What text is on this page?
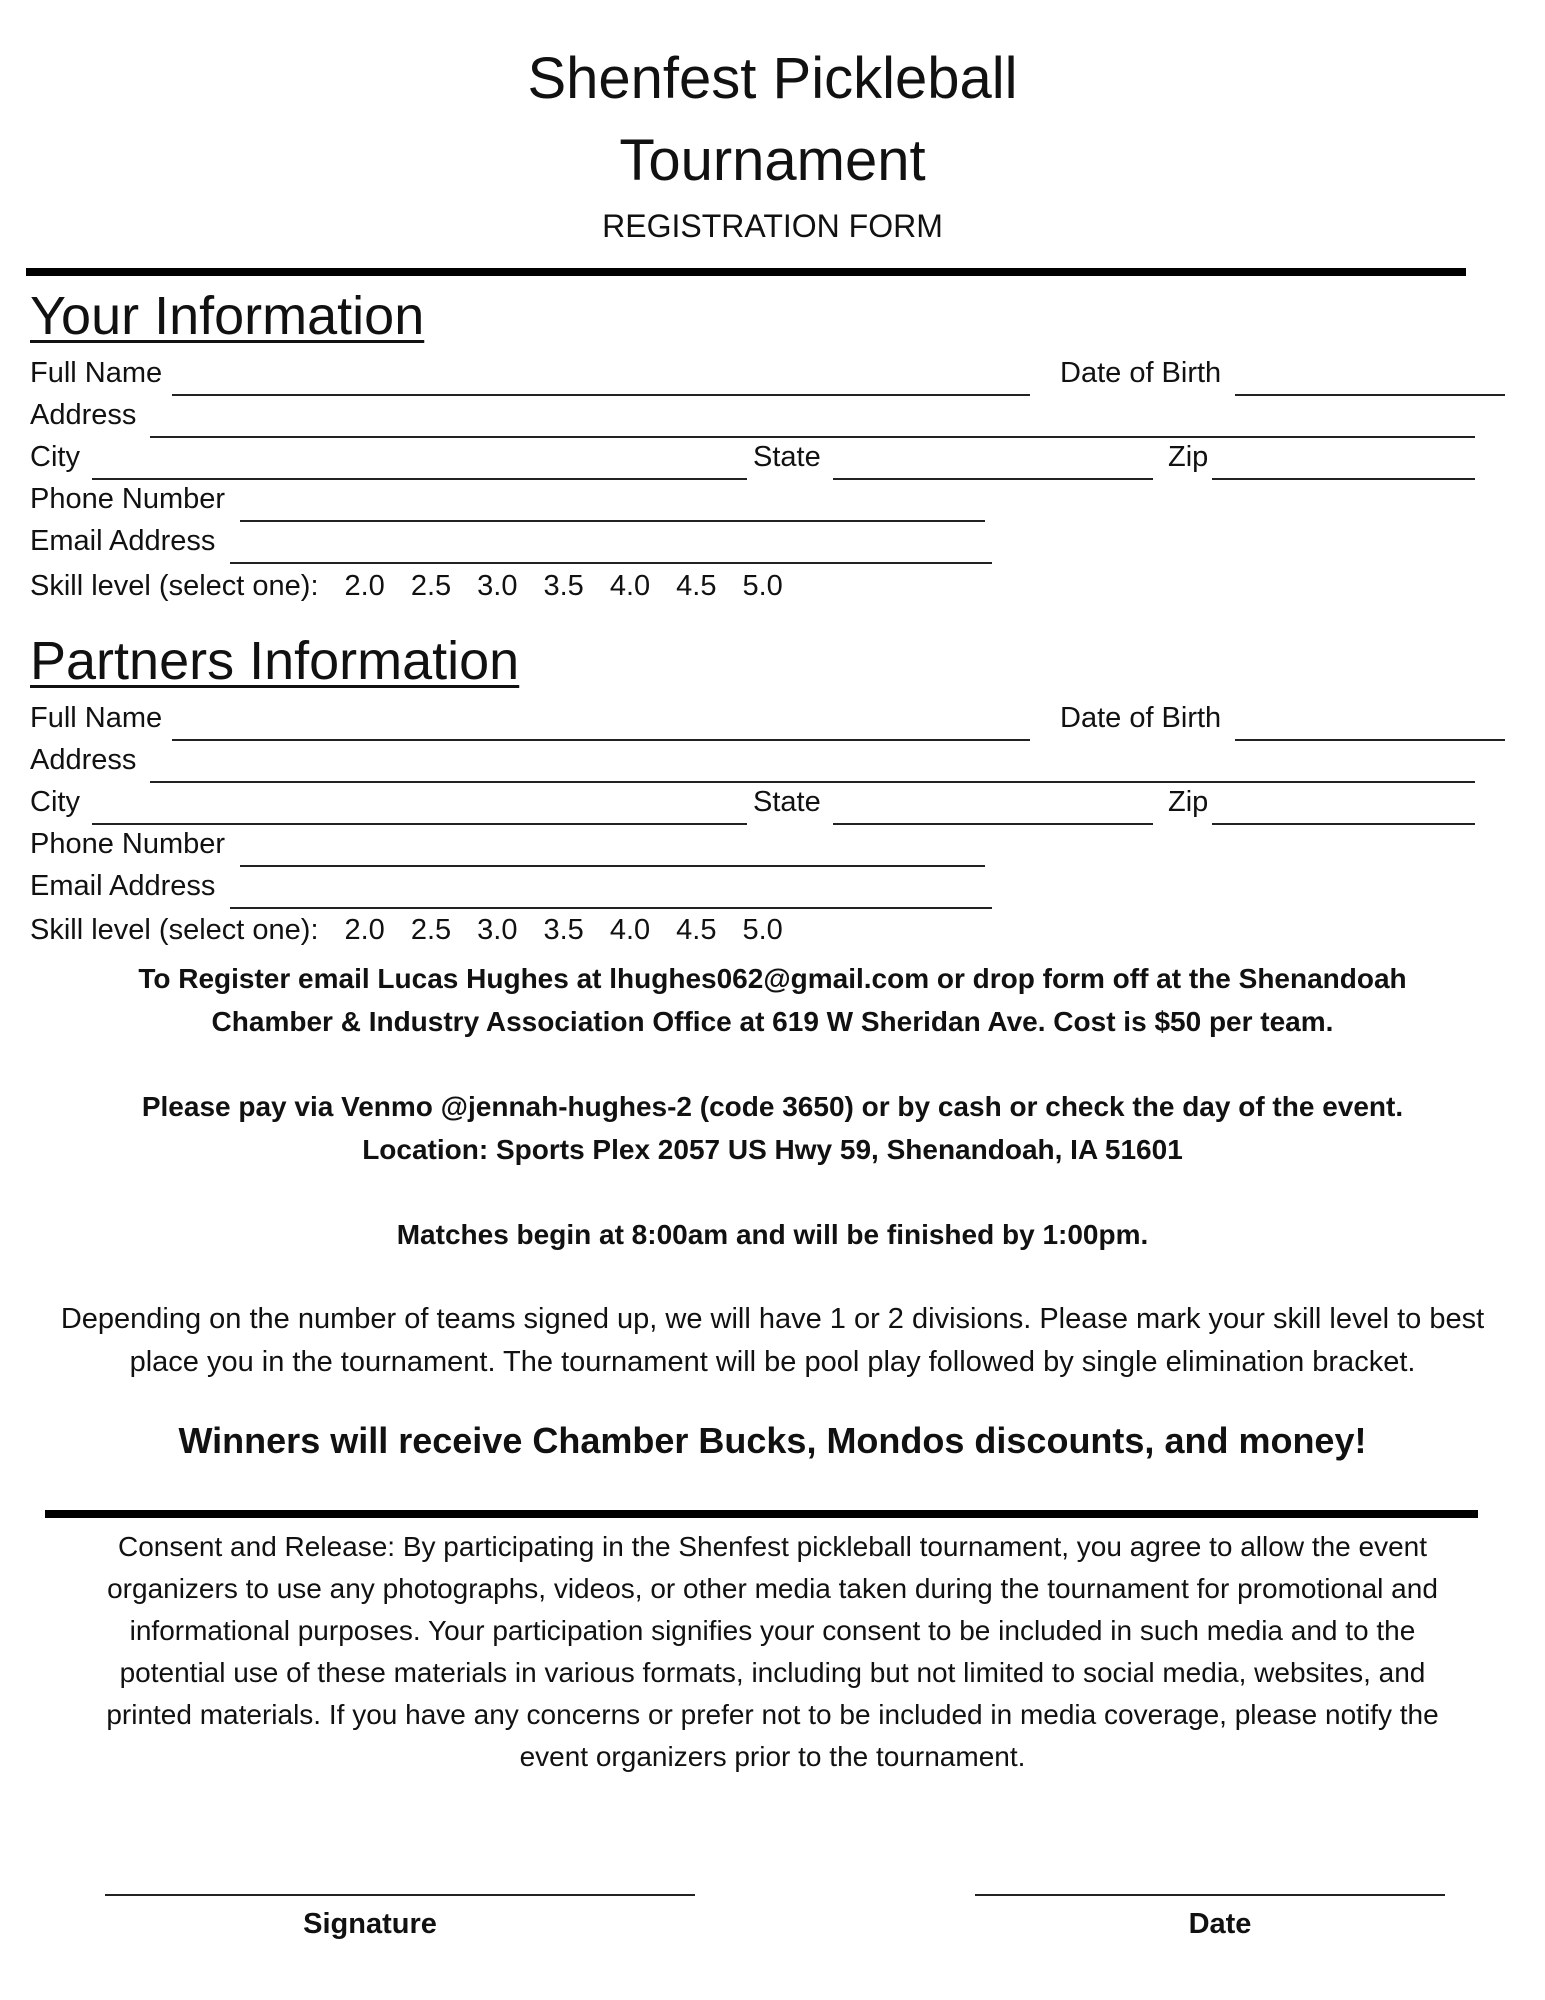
Shenfest Pickleball
Tournament
REGISTRATION FORM
Your Information
Full Name	Date of Birth
Address
City	State	Zip
Phone Number
Email Address
Skill level (select one): 2.0 2.5 3.0 3.5 4.0 4.5 5.0
Partners Information
Full Name	Date of Birth
Address
City	State	Zip
Phone Number
Email Address
Skill level (select one): 2.0 2.5 3.0 3.5 4.0 4.5 5.0
To Register email Lucas Hughes at lhughes062@gmail.com or drop form off at the Shenandoah
Chamber & Industry Association Office at 619 W Sheridan Ave. Cost is $50 per team.
Please pay via Venmo @jennah-hughes-2 (code 3650) or by cash or check the day of the event.
Location: Sports Plex 2057 US Hwy 59, Shenandoah, IA 51601
Matches begin at 8:00am and will be finished by 1:00pm.
Depending on the number of teams signed up, we will have 1 or 2 divisions. Please mark your skill level to best
place you in the tournament. The tournament will be pool play followed by single elimination bracket.
Winners will receive Chamber Bucks, Mondos discounts, and money!
Consent and Release: By participating in the Shenfest pickleball tournament, you agree to allow the event
organizers to use any photographs, videos, or other media taken during the tournament for promotional and
informational purposes. Your participation signifies your consent to be included in such media and to the
potential use of these materials in various formats, including but not limited to social media, websites, and
printed materials. If you have any concerns or prefer not to be included in media coverage, please notify the
event organizers prior to the tournament.
Signature	Date
